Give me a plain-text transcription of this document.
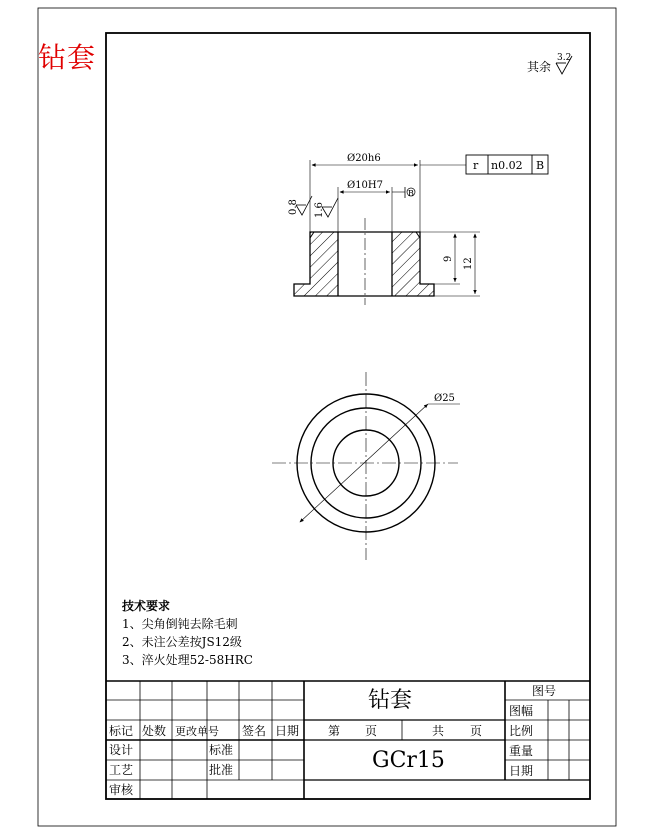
钻套	其余
3.2
Ø20h6
Ø10H7
B
r n0.02 B
9 12
0.8 1.6
Ø25
技术要求
1、尖角倒钝去除毛刺
2、未注公差按JS12级
3、淬火处理52-58HRC
钻套
GCr15
图号
图幅
比例
重量
日期
标记 处数 更改单号 签名 日期
设计
工艺
审核
标准
批准
第 页	共 页
